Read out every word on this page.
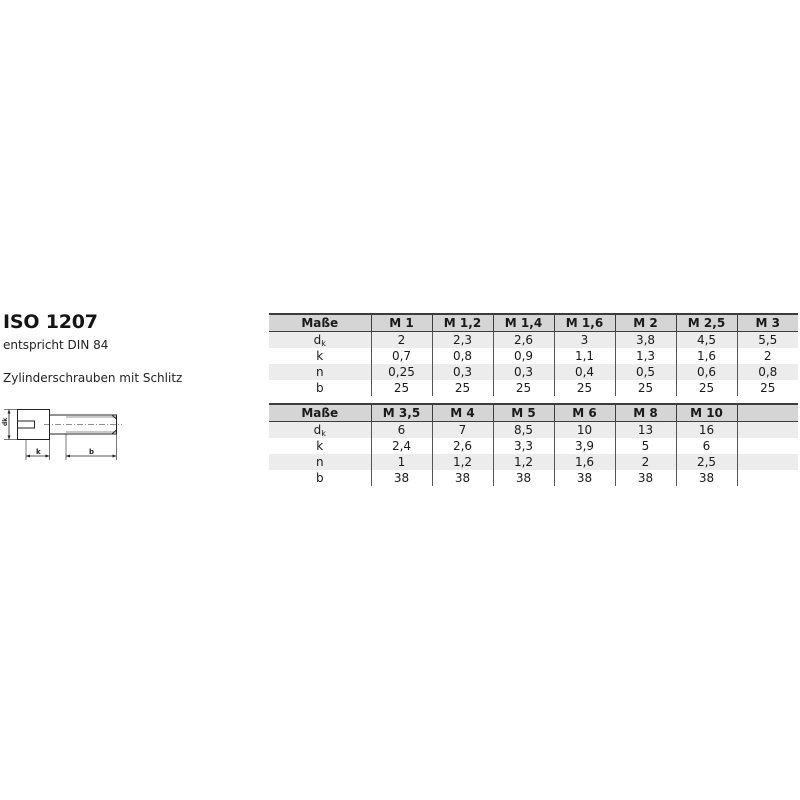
ISO 1207
entspricht DIN 84
Zylinderschrauben mit Schlitz
dk
k	b
Maße	M 1	M 1,2	M 1,4	M 1,6	M 2	M 2,5	M 3
$d_k$	2	2,3	2,6	3	3,8	4,5	5,5
k	0,7	0,8	0,9	1,1	1,3	1,6	2
n	0,25	0,3	0,3	0,4	0,5	0,6	0,8
b	25	25	25	25	25	25	25
Maße	M 3,5	M 4	M 5	M 6	M 8	M 10	
$d_k$	6	7	8,5	10	13	16	
k	2,4	2,6	3,3	3,9	5	6	
n	1	1,2	1,2	1,6	2	2,5	
b	38	38	38	38	38	38	
